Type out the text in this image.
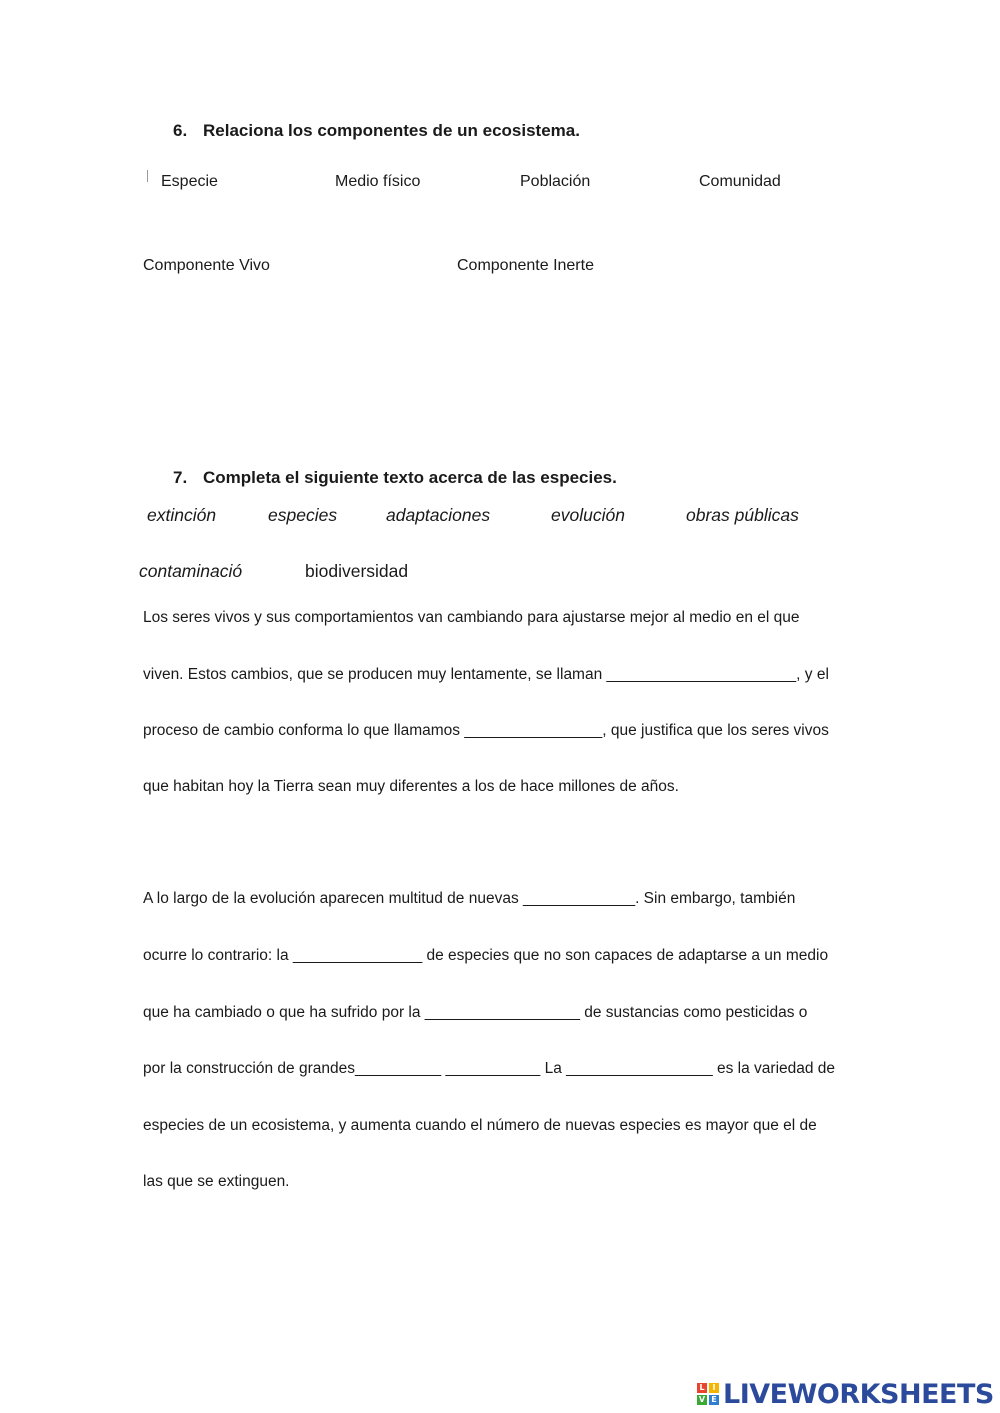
6. Relaciona los componentes de un ecosistema.
Especie	Medio físico	Población	Comunidad
Componente Vivo	Componente Inerte
7. Completa el siguiente texto acerca de las especies.
extinción	especies	adaptaciones	evolución	obras públicas
contaminació	biodiversidad
Los seres vivos y sus comportamientos van cambiando para ajustarse mejor al medio en el que
viven. Estos cambios, que se producen muy lentamente, se llaman ______________________, y el
proceso de cambio conforma lo que llamamos ________________, que justifica que los seres vivos
que habitan hoy la Tierra sean muy diferentes a los de hace millones de años.
A lo largo de la evolución aparecen multitud de nuevas _____________. Sin embargo, también
ocurre lo contrario: la _______________ de especies que no son capaces de adaptarse a un medio
que ha cambiado o que ha sufrido por la __________________ de sustancias como pesticidas o
por la construcción de grandes__________ ___________ La _________________ es la variedad de
especies de un ecosistema, y aumenta cuando el número de nuevas especies es mayor que el de
las que se extinguen.
L I
V E LIVEWORKSHEETS
